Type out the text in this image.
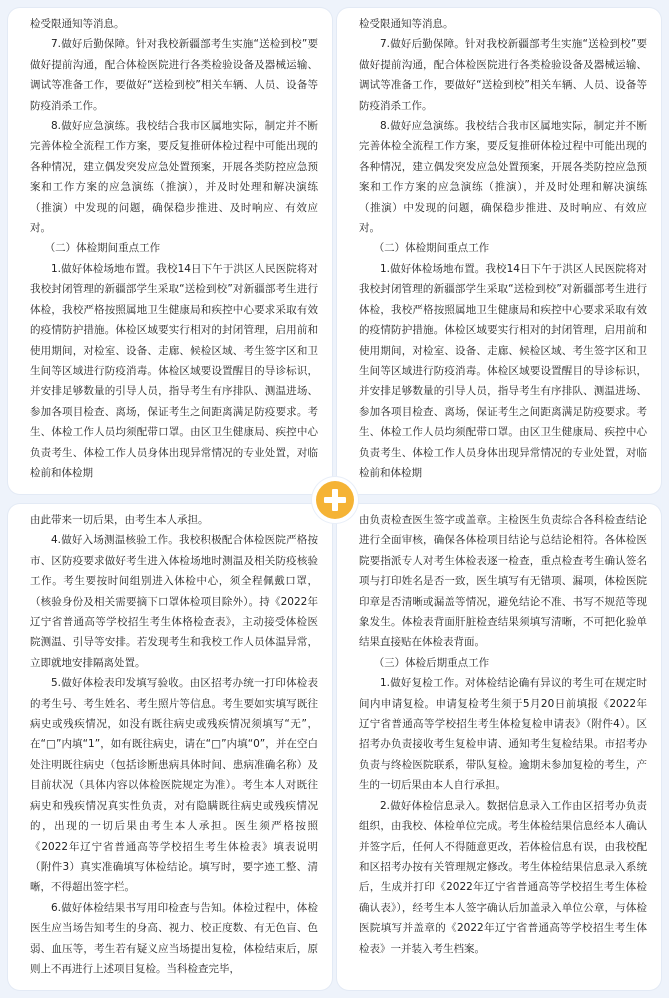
检受限通知等消息。

7.做好后勤保障。针对我校新疆部考生实施“送检到校”要做好提前沟通，配合体检医院进行各类检验设备及器械运输、调试等准备工作，要做好“送检到校”相关车辆、人员、设备等防疫消杀工作。

8.做好应急演练。我校结合我市区属地实际，制定并不断完善体检全流程工作方案，要反复推研体检过程中可能出现的各种情况，建立偶发突发应急处置预案，开展各类防控应急预案和工作方案的应急演练（推演），并及时处理和解决演练（推演）中发现的问题，确保稳步推进、及时响应、有效应对。

（二）体检期间重点工作

1.做好体检场地布置。我校14日下午于洪区人民医院将对我校封闭管理的新疆部学生采取“送检到校”对新疆部考生进行体检，我校严格按照属地卫生健康局和疾控中心要求采取有效的疫情防护措施。体检区域要实行相对的封闭管理，启用前和使用期间，对检室、设备、走廊、候检区域、考生签字区和卫生间等区域进行防疫消毒。体检区域要设置醒目的导诊标识，并安排足够数量的引导人员，指导考生有序排队、测温进场、参加各项目检查、离场，保证考生之间距离满足防疫要求。考生、体检工作人员均须配带口罩。由区卫生健康局、疾控中心负责考生、体检工作人员身体出现异常情况的专业处置，对临检前和体检期

检受限通知等消息。

7.做好后勤保障。针对我校新疆部考生实施“送检到校”要做好提前沟通，配合体检医院进行各类检验设备及器械运输、调试等准备工作，要做好“送检到校”相关车辆、人员、设备等防疫消杀工作。

8.做好应急演练。我校结合我市区属地实际，制定并不断完善体检全流程工作方案，要反复推研体检过程中可能出现的各种情况，建立偶发突发应急处置预案，开展各类防控应急预案和工作方案的应急演练（推演），并及时处理和解决演练（推演）中发现的问题，确保稳步推进、及时响应、有效应对。

（二）体检期间重点工作

1.做好体检场地布置。我校14日下午于洪区人民医院将对我校封闭管理的新疆部学生采取“送检到校”对新疆部考生进行体检，我校严格按照属地卫生健康局和疾控中心要求采取有效的疫情防护措施。体检区域要实行相对的封闭管理，启用前和使用期间，对检室、设备、走廊、候检区域、考生签字区和卫生间等区域进行防疫消毒。体检区域要设置醒目的导诊标识，并安排足够数量的引导人员，指导考生有序排队、测温进场、参加各项目检查、离场，保证考生之间距离满足防疫要求。考生、体检工作人员均须配带口罩。由区卫生健康局、疾控中心负责考生、体检工作人员身体出现异常情况的专业处置，对临检前和体检期

由此带来一切后果，由考生本人承担。

4.做好入场测温核验工作。我校积极配合体检医院严格按市、区防疫要求做好考生进入体检场地时测温及相关防疫核验工作。考生要按时间组别进入体检中心，须全程佩戴口罩，（核验身份及相关需要摘下口罩体检项目除外）。持《2022年辽宁省普通高等学校招生考生体格检查表》，主动接受体检医院测温、引导等安排。若发现考生和我校工作人员体温异常，立即就地安排隔离处置。

5.做好体检表印发填写验收。由区招考办统一打印体检表的考生号、考生姓名、考生照片等信息。考生要如实填写既往病史或残疾情况，如没有既往病史或残疾情况须填写“无”，在“□”内填“1”，如有既往病史，请在“□”内填“0”，并在空白处注明既往病史（包括诊断患病具体时间、患病准确名称）及目前状况（具体内容以体检医院规定为准）。考生本人对既往病史和残疾情况真实性负责，对有隐瞒既往病史或残疾情况的，出现的一切后果由考生本人承担。医生须严格按照《2022年辽宁省普通高等学校招生考生体检表》填表说明（附件3）真实准确填写体检结论。填写时，要字迹工整、清晰，不得超出签字栏。

6.做好体检结果书写用印检查与告知。体检过程中，体检医生应当场告知考生的身高、视力、校正度数、有无色盲、色弱、血压等，考生若有疑义应当场提出复检，体检结束后，原则上不再进行上述项目复检。当科检查完毕，

由负责检查医生签字或盖章。主检医生负责综合各科检查结论进行全面审核，确保各体检项目结论与总结论相符。各体检医院要指派专人对考生体检表逐一检查，重点检查考生确认签名项与打印姓名是否一致，医生填写有无错项、漏项，体检医院印章是否清晰或漏盖等情况，避免结论不准、书写不规范等现象发生。体检表背面肝脏检查结果须填写清晰，不可把化验单结果直接贴在体检表背面。

（三）体检后期重点工作

1.做好复检工作。对体检结论确有异议的考生可在规定时间内申请复检。申请复检考生须于5月20日前填报《2022年辽宁省普通高等学校招生考生体检复检申请表》（附件4）。区招考办负责接收考生复检申请、通知考生复检结果。市招考办负责与终检医院联系，带队复检。逾期未参加复检的考生，产生的一切后果由本人自行承担。

2.做好体检信息录入。数据信息录入工作由区招考办负责组织，由我校、体检单位完成。考生体检结果信息经本人确认并签字后，任何人不得随意更改，若体检信息有误，由我校配和区招考办按有关管理规定修改。考生体检结果信息录入系统后，生成并打印《2022年辽宁省普通高等学校招生考生体检确认表》），经考生本人签字确认后加盖录入单位公章，与体检医院填写并盖章的《2022年辽宁省普通高等学校招生考生体检表》一并装入考生档案。
